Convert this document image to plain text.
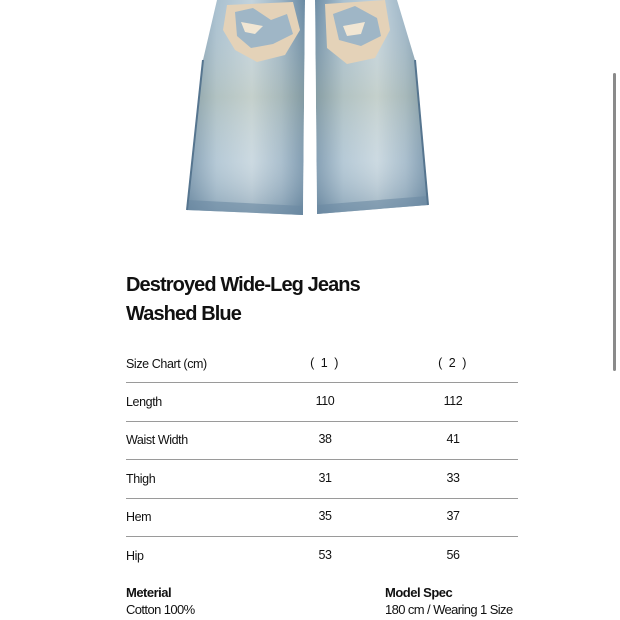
Destroyed Wide-Leg Jeans
Washed Blue
Size Chart (cm)	( 1 )	( 2 )
Length	110	112
Waist Width	38	41
Thigh	31	33
Hem	35	37
Hip	53	56
Meterial
Cotton 100%
Model Spec
180 cm / Wearing 1 Size
